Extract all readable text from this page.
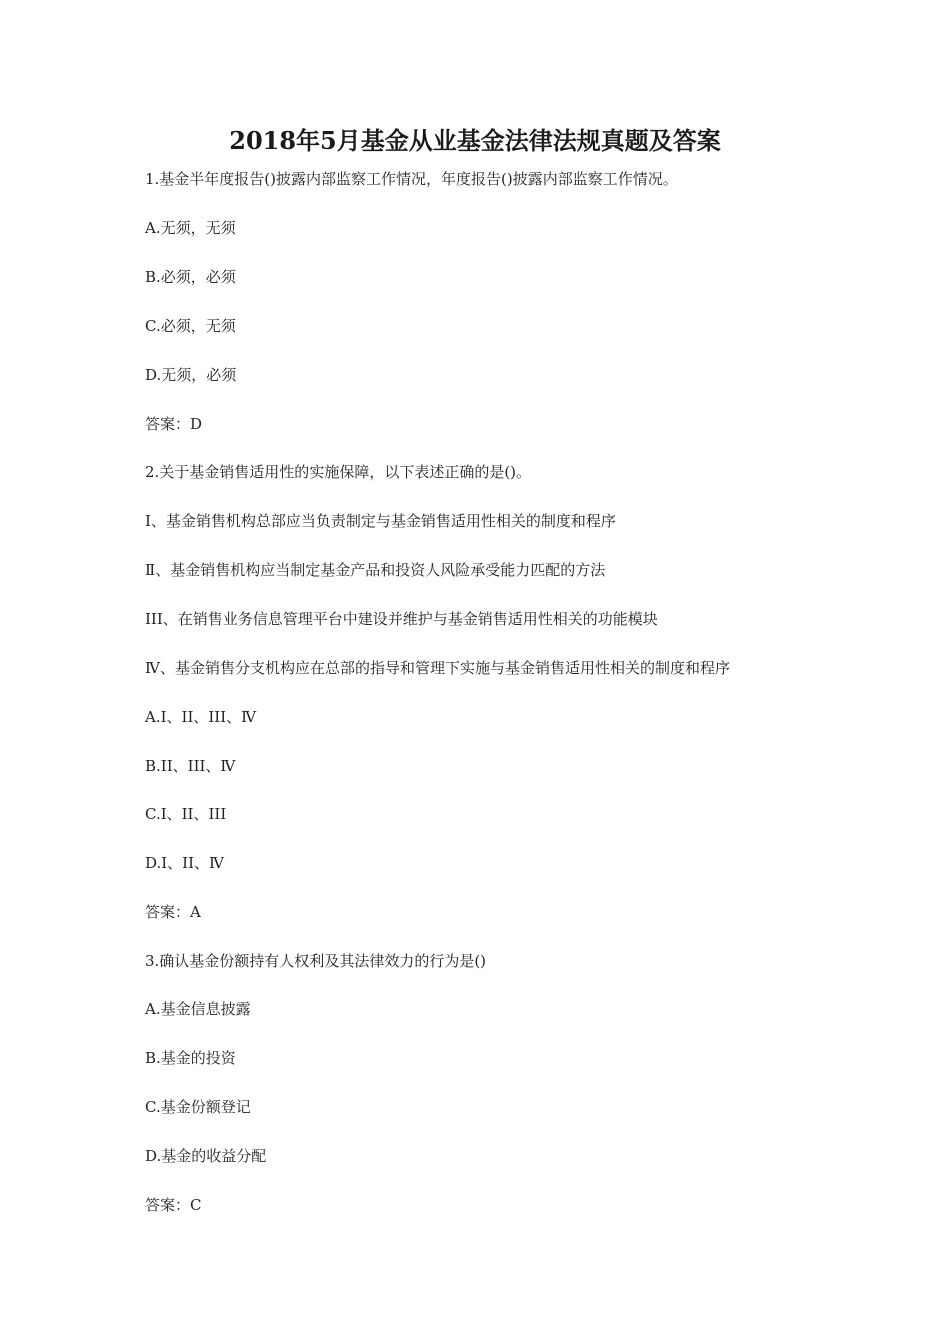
2018年5月基金从业基金法律法规真题及答案
1.基金半年度报告()披露内部监察工作情况，年度报告()披露内部监察工作情况。
A.无须，无须
B.必须，必须
C.必须，无须
D.无须，必须
答案：D
2.关于基金销售适用性的实施保障，以下表述正确的是()。
I、基金销售机构总部应当负责制定与基金销售适用性相关的制度和程序
Ⅱ、基金销售机构应当制定基金产品和投资人风险承受能力匹配的方法
III、在销售业务信息管理平台中建设并维护与基金销售适用性相关的功能模块
Ⅳ、基金销售分支机构应在总部的指导和管理下实施与基金销售适用性相关的制度和程序
A.I、II、III、Ⅳ
B.II、III、Ⅳ
C.I、II、III
D.I、II、Ⅳ
答案：A
3.确认基金份额持有人权利及其法律效力的行为是()
A.基金信息披露
B.基金的投资
C.基金份额登记
D.基金的收益分配
答案：C
